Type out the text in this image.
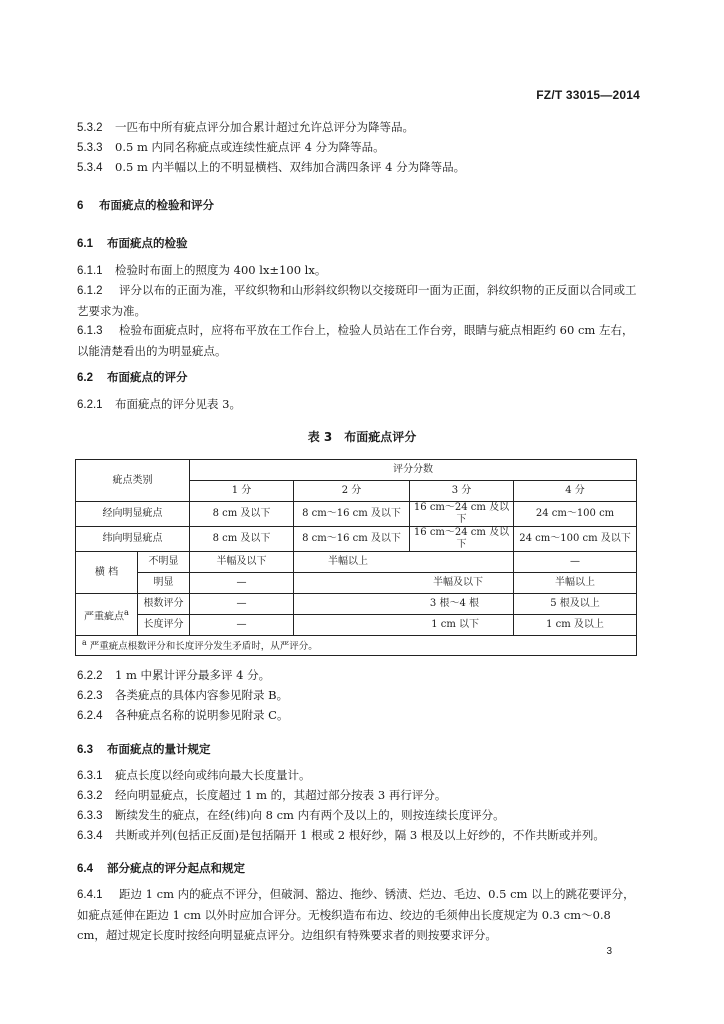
FZ/T 33015—2014
5.3.2 一匹布中所有疵点评分加合累计超过允许总评分为降等品。
5.3.3 0.5 m 内同名称疵点或连续性疵点评 4 分为降等品。
5.3.4 0.5 m 内半幅以上的不明显横档、双纬加合满四条评 4 分为降等品。
6 布面疵点的检验和评分
6.1 布面疵点的检验
6.1.1 检验时布面上的照度为 400 lx±100 lx。
6.1.2 评分以布的正面为准，平纹织物和山形斜纹织物以交接斑印一面为正面，斜纹织物的正反面以合同或工艺要求为准。
6.1.3 检验布面疵点时，应将布平放在工作台上，检验人员站在工作台旁，眼睛与疵点相距约 60 cm 左右，以能清楚看出的为明显疵点。
6.2 布面疵点的评分
6.2.1 布面疵点的评分见表 3。
表 3　布面疵点评分
疵点类别		评分分数			
		1 分	2 分	3 分	4 分
经向明显疵点		8 cm 及以下	8 cm～16 cm 及以下	16 cm～24 cm 及以下	24 cm～100 cm
纬向明显疵点		8 cm 及以下	8 cm～16 cm 及以下	16 cm～24 cm 及以下	24 cm～100 cm 及以下
横 档	不明显	半幅及以下	半幅以上		—
	明显	—	半幅及以下		半幅以上
严重疵点$^a$	根数评分	—	3 根～4 根		5 根及以上
	长度评分	—	1 cm 以下		1 cm 及以上
$^a$ 严重疵点根数评分和长度评分发生矛盾时，从严评分。					
6.2.2 1 m 中累计评分最多评 4 分。
6.2.3 各类疵点的具体内容参见附录 B。
6.2.4 各种疵点名称的说明参见附录 C。
6.3 布面疵点的量计规定
6.3.1 疵点长度以经向或纬向最大长度量计。
6.3.2 经向明显疵点，长度超过 1 m 的，其超过部分按表 3 再行评分。
6.3.3 断续发生的疵点，在经(纬)向 8 cm 内有两个及以上的，则按连续长度评分。
6.3.4 共断或并列(包括正反面)是包括隔开 1 根或 2 根好纱，隔 3 根及以上好纱的，不作共断或并列。
6.4 部分疵点的评分起点和规定
6.4.1 距边 1 cm 内的疵点不评分，但破洞、豁边、拖纱、锈渍、烂边、毛边、0.5 cm 以上的跳花要评分，如疵点延伸在距边 1 cm 以外时应加合评分。无梭织造布布边、绞边的毛须伸出长度规定为 0.3 cm～0.8 cm，超过规定长度时按经向明显疵点评分。边组织有特殊要求者的则按要求评分。
3
